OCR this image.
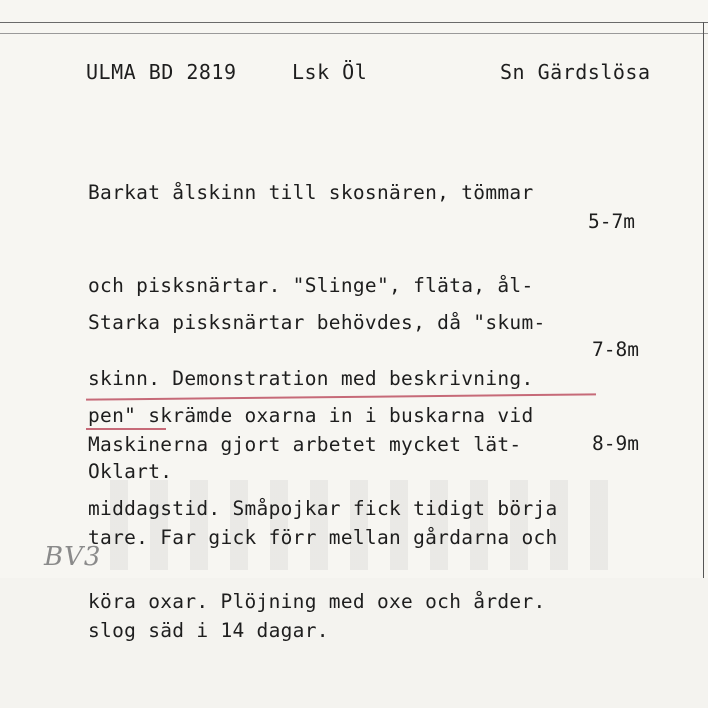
ULMA BD 2819	Lsk Öl	Sn Gärdslösa

Barkat ålskinn till skosnären, tömmar

och pisksnärtar. "Slinge", fläta, ål-

skinn. Demonstration med beskrivning.

Oklart.

5-7m

Starka pisksnärtar behövdes, då "skum-

pen" skrämde oxarna in i buskarna vid

middagstid. Småpojkar fick tidigt börja

köra oxar. Plöjning med oxe och årder.

7-8m

Maskinerna gjort arbetet mycket lät-

tare. Far gick förr mellan gårdarna och

slog säd i 14 dagar.

8-9m
BV3
